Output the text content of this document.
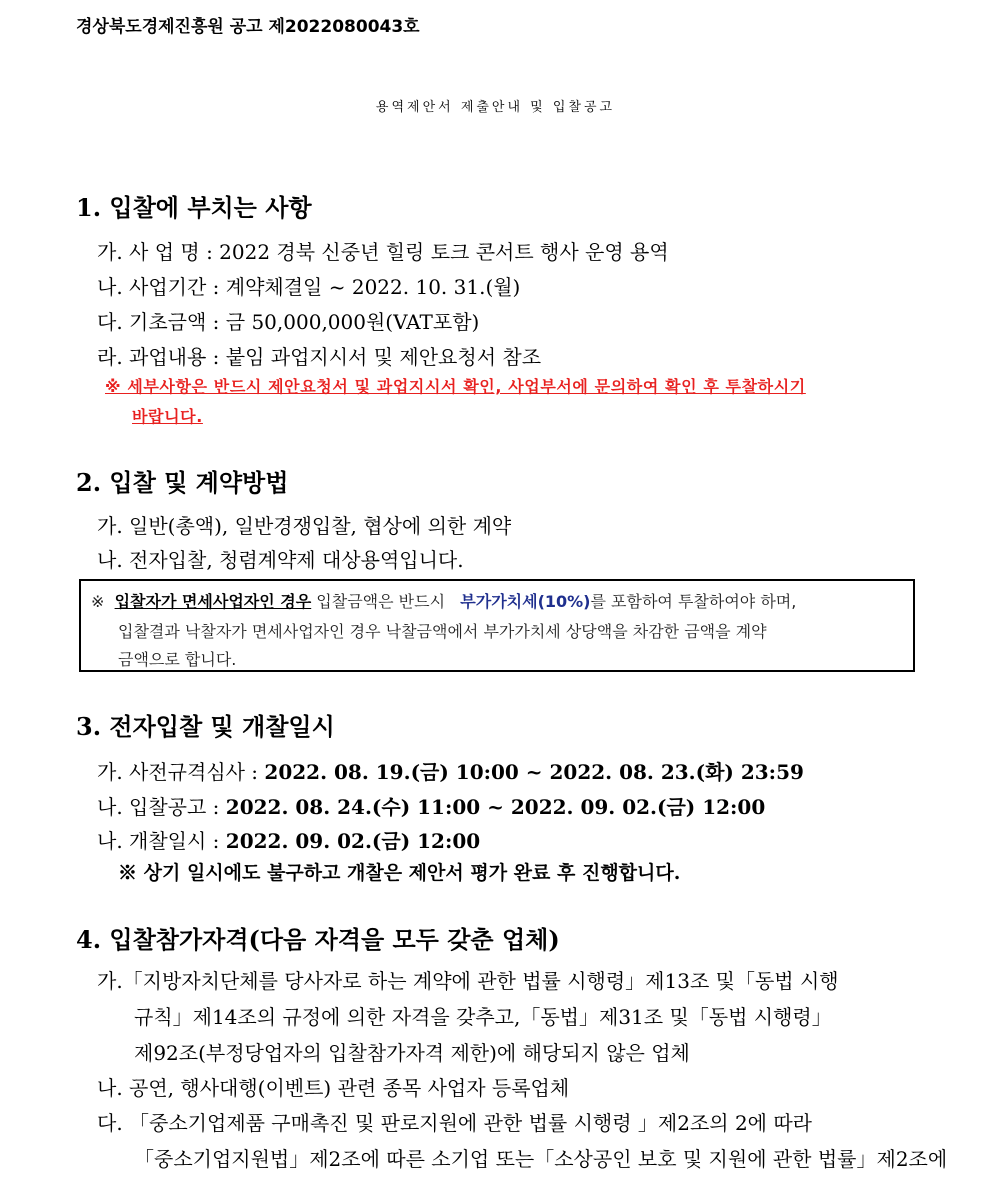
경상북도경제진흥원 공고 제2022080043호
용역제안서 제출안내 및 입찰공고
1. 입찰에 부치는 사항
가. 사 업 명 : 2022 경북 신중년 힐링 토크 콘서트 행사 운영 용역
나. 사업기간 : 계약체결일 ~ 2022. 10. 31.(월)
다. 기초금액 : 금 50,000,000원(VAT포함)
라. 과업내용 : 붙임 과업지시서 및 제안요청서 참조
※ 세부사항은 반드시 제안요청서 및 과업지시서 확인, 사업부서에 문의하여 확인 후 투찰하시기
바랍니다.
2. 입찰 및 계약방법
가. 일반(총액), 일반경쟁입찰, 협상에 의한 계약
나. 전자입찰, 청렴계약제 대상용역입니다.
※ 입찰자가 면세사업자인 경우 입찰금액은 반드시 부가가치세(10%)를 포함하여 투찰하여야 하며,
입찰결과 낙찰자가 면세사업자인 경우 낙찰금액에서 부가가치세 상당액을 차감한 금액을 계약
금액으로 합니다.
3. 전자입찰 및 개찰일시
가. 사전규격심사 : 2022. 08. 19.(금) 10:00 ~ 2022. 08. 23.(화) 23:59
나. 입찰공고 : 2022. 08. 24.(수) 11:00 ~ 2022. 09. 02.(금) 12:00
나. 개찰일시 : 2022. 09. 02.(금) 12:00
※ 상기 일시에도 불구하고 개찰은 제안서 평가 완료 후 진행합니다.
4. 입찰참가자격(다음 자격을 모두 갖춘 업체)
가.「지방자치단체를 당사자로 하는 계약에 관한 법률 시행령」제13조 및「동법 시행
규칙」제14조의 규정에 의한 자격을 갖추고,「동법」제31조 및「동법 시행령」
제92조(부정당업자의 입찰참가자격 제한)에 해당되지 않은 업체
나. 공연, 행사대행(이벤트) 관련 종목 사업자 등록업체
다. 「중소기업제품 구매촉진 및 판로지원에 관한 법률 시행령 」제2조의 2에 따라
「중소기업지원법」제2조에 따른 소기업 또는「소상공인 보호 및 지원에 관한 법률」제2조에
